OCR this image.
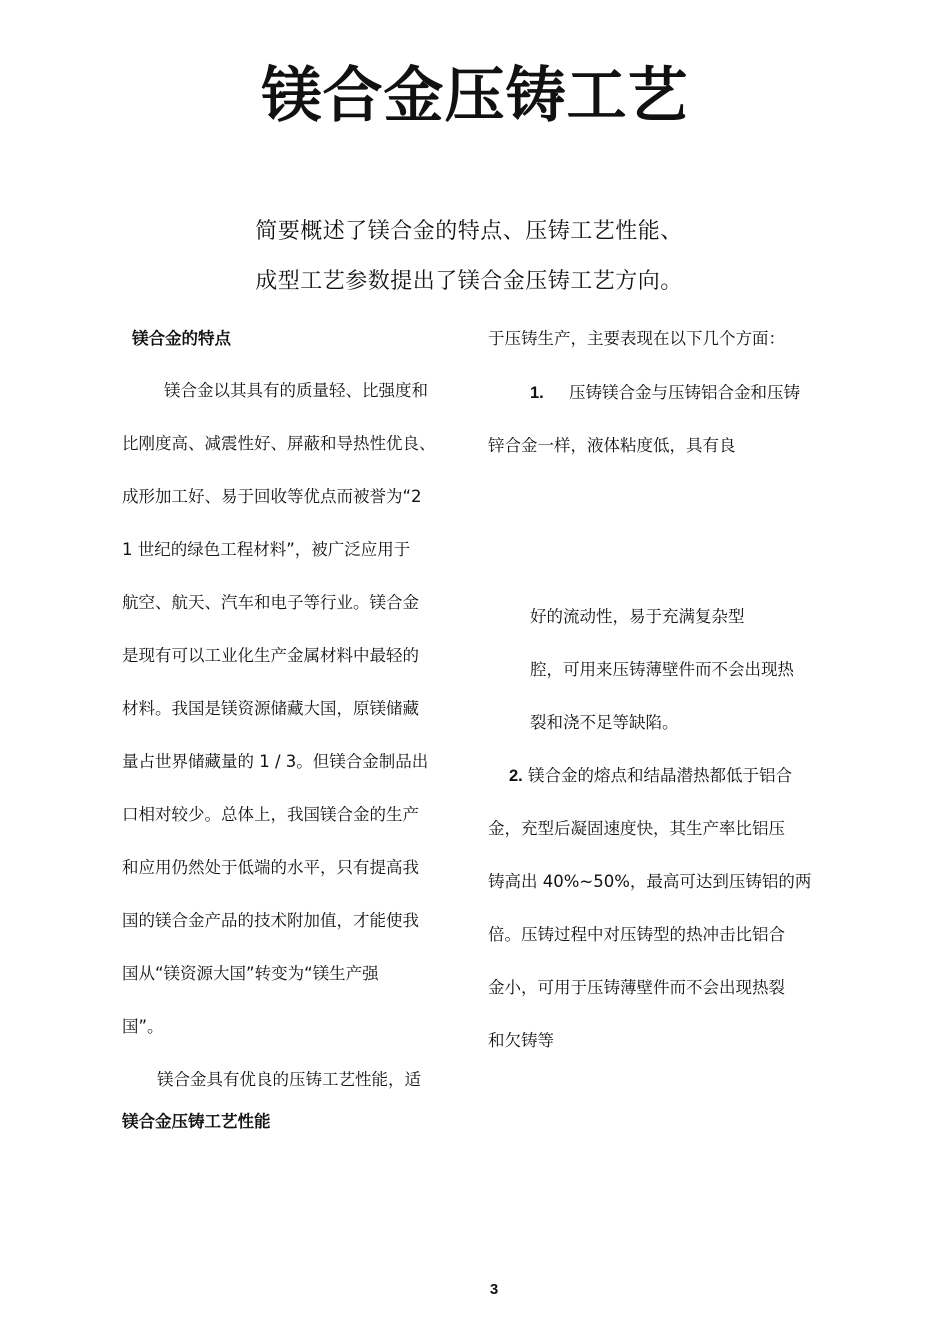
镁合金压铸工艺
简要概述了镁合金的特点、压铸工艺性能、
成型工艺参数提出了镁合金压铸工艺方向。
镁合金的特点
镁合金以其具有的质量轻、比强度和
比刚度高、减震性好、屏蔽和导热性优良、
成形加工好、易于回收等优点而被誉为“2
1 世纪的绿色工程材料”，被广泛应用于
航空、航天、汽车和电子等行业。镁合金
是现有可以工业化生产金属材料中最轻的
材料。我国是镁资源储藏大国，原镁储藏
量占世界储藏量的 1 / 3。但镁合金制品出
口相对较少。总体上，我国镁合金的生产
和应用仍然处于低端的水平，只有提高我
国的镁合金产品的技术附加值，才能使我
国从“镁资源大国”转变为“镁生产强
国”。
镁合金具有优良的压铸工艺性能，适
镁合金压铸工艺性能
于压铸生产，主要表现在以下几个方面：
1. 压铸镁合金与压铸铝合金和压铸
锌合金一样，液体粘度低，具有良
好的流动性，易于充满复杂型
腔，可用来压铸薄壁件而不会出现热
裂和浇不足等缺陷。
2. 镁合金的熔点和结晶潜热都低于铝合
金，充型后凝固速度快，其生产率比铝压
铸高出 40%~50%，最高可达到压铸铝的两
倍。压铸过程中对压铸型的热冲击比铝合
金小，可用于压铸薄壁件而不会出现热裂
和欠铸等
3
